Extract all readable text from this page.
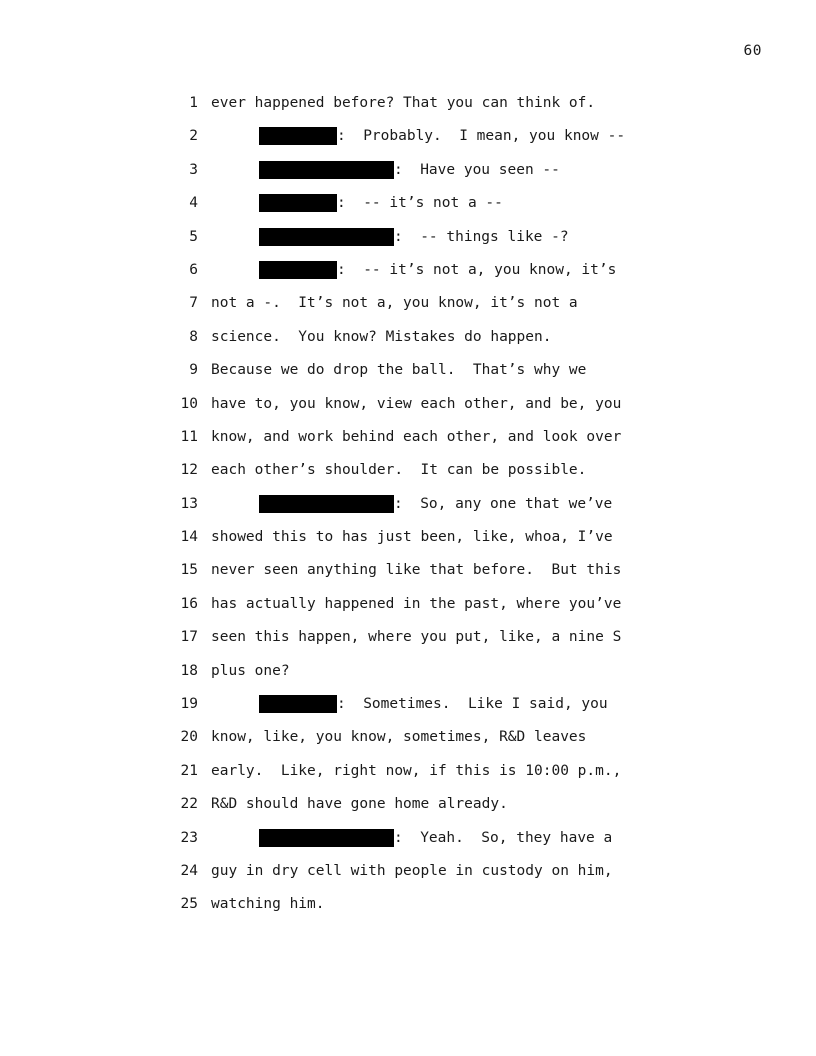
60
1 ever happened before? That you can think of.
2	:  Probably.  I mean, you know --
3	:  Have you seen --
4	:  -- it’s not a --
5	:  -- things like -?
6	:  -- it’s not a, you know, it’s
7 not a -.  It’s not a, you know, it’s not a
8 science.  You know? Mistakes do happen.
9 Because we do drop the ball.  That’s why we
10 have to, you know, view each other, and be, you
11 know, and work behind each other, and look over
12 each other’s shoulder.  It can be possible.
13	:  So, any one that we’ve
14 showed this to has just been, like, whoa, I’ve
15 never seen anything like that before.  But this
16 has actually happened in the past, where you’ve
17 seen this happen, where you put, like, a nine S
18 plus one?
19	:  Sometimes.  Like I said, you
20 know, like, you know, sometimes, R&D leaves
21 early.  Like, right now, if this is 10:00 p.m.,
22 R&D should have gone home already.
23	:  Yeah.  So, they have a
24 guy in dry cell with people in custody on him,
25 watching him.
